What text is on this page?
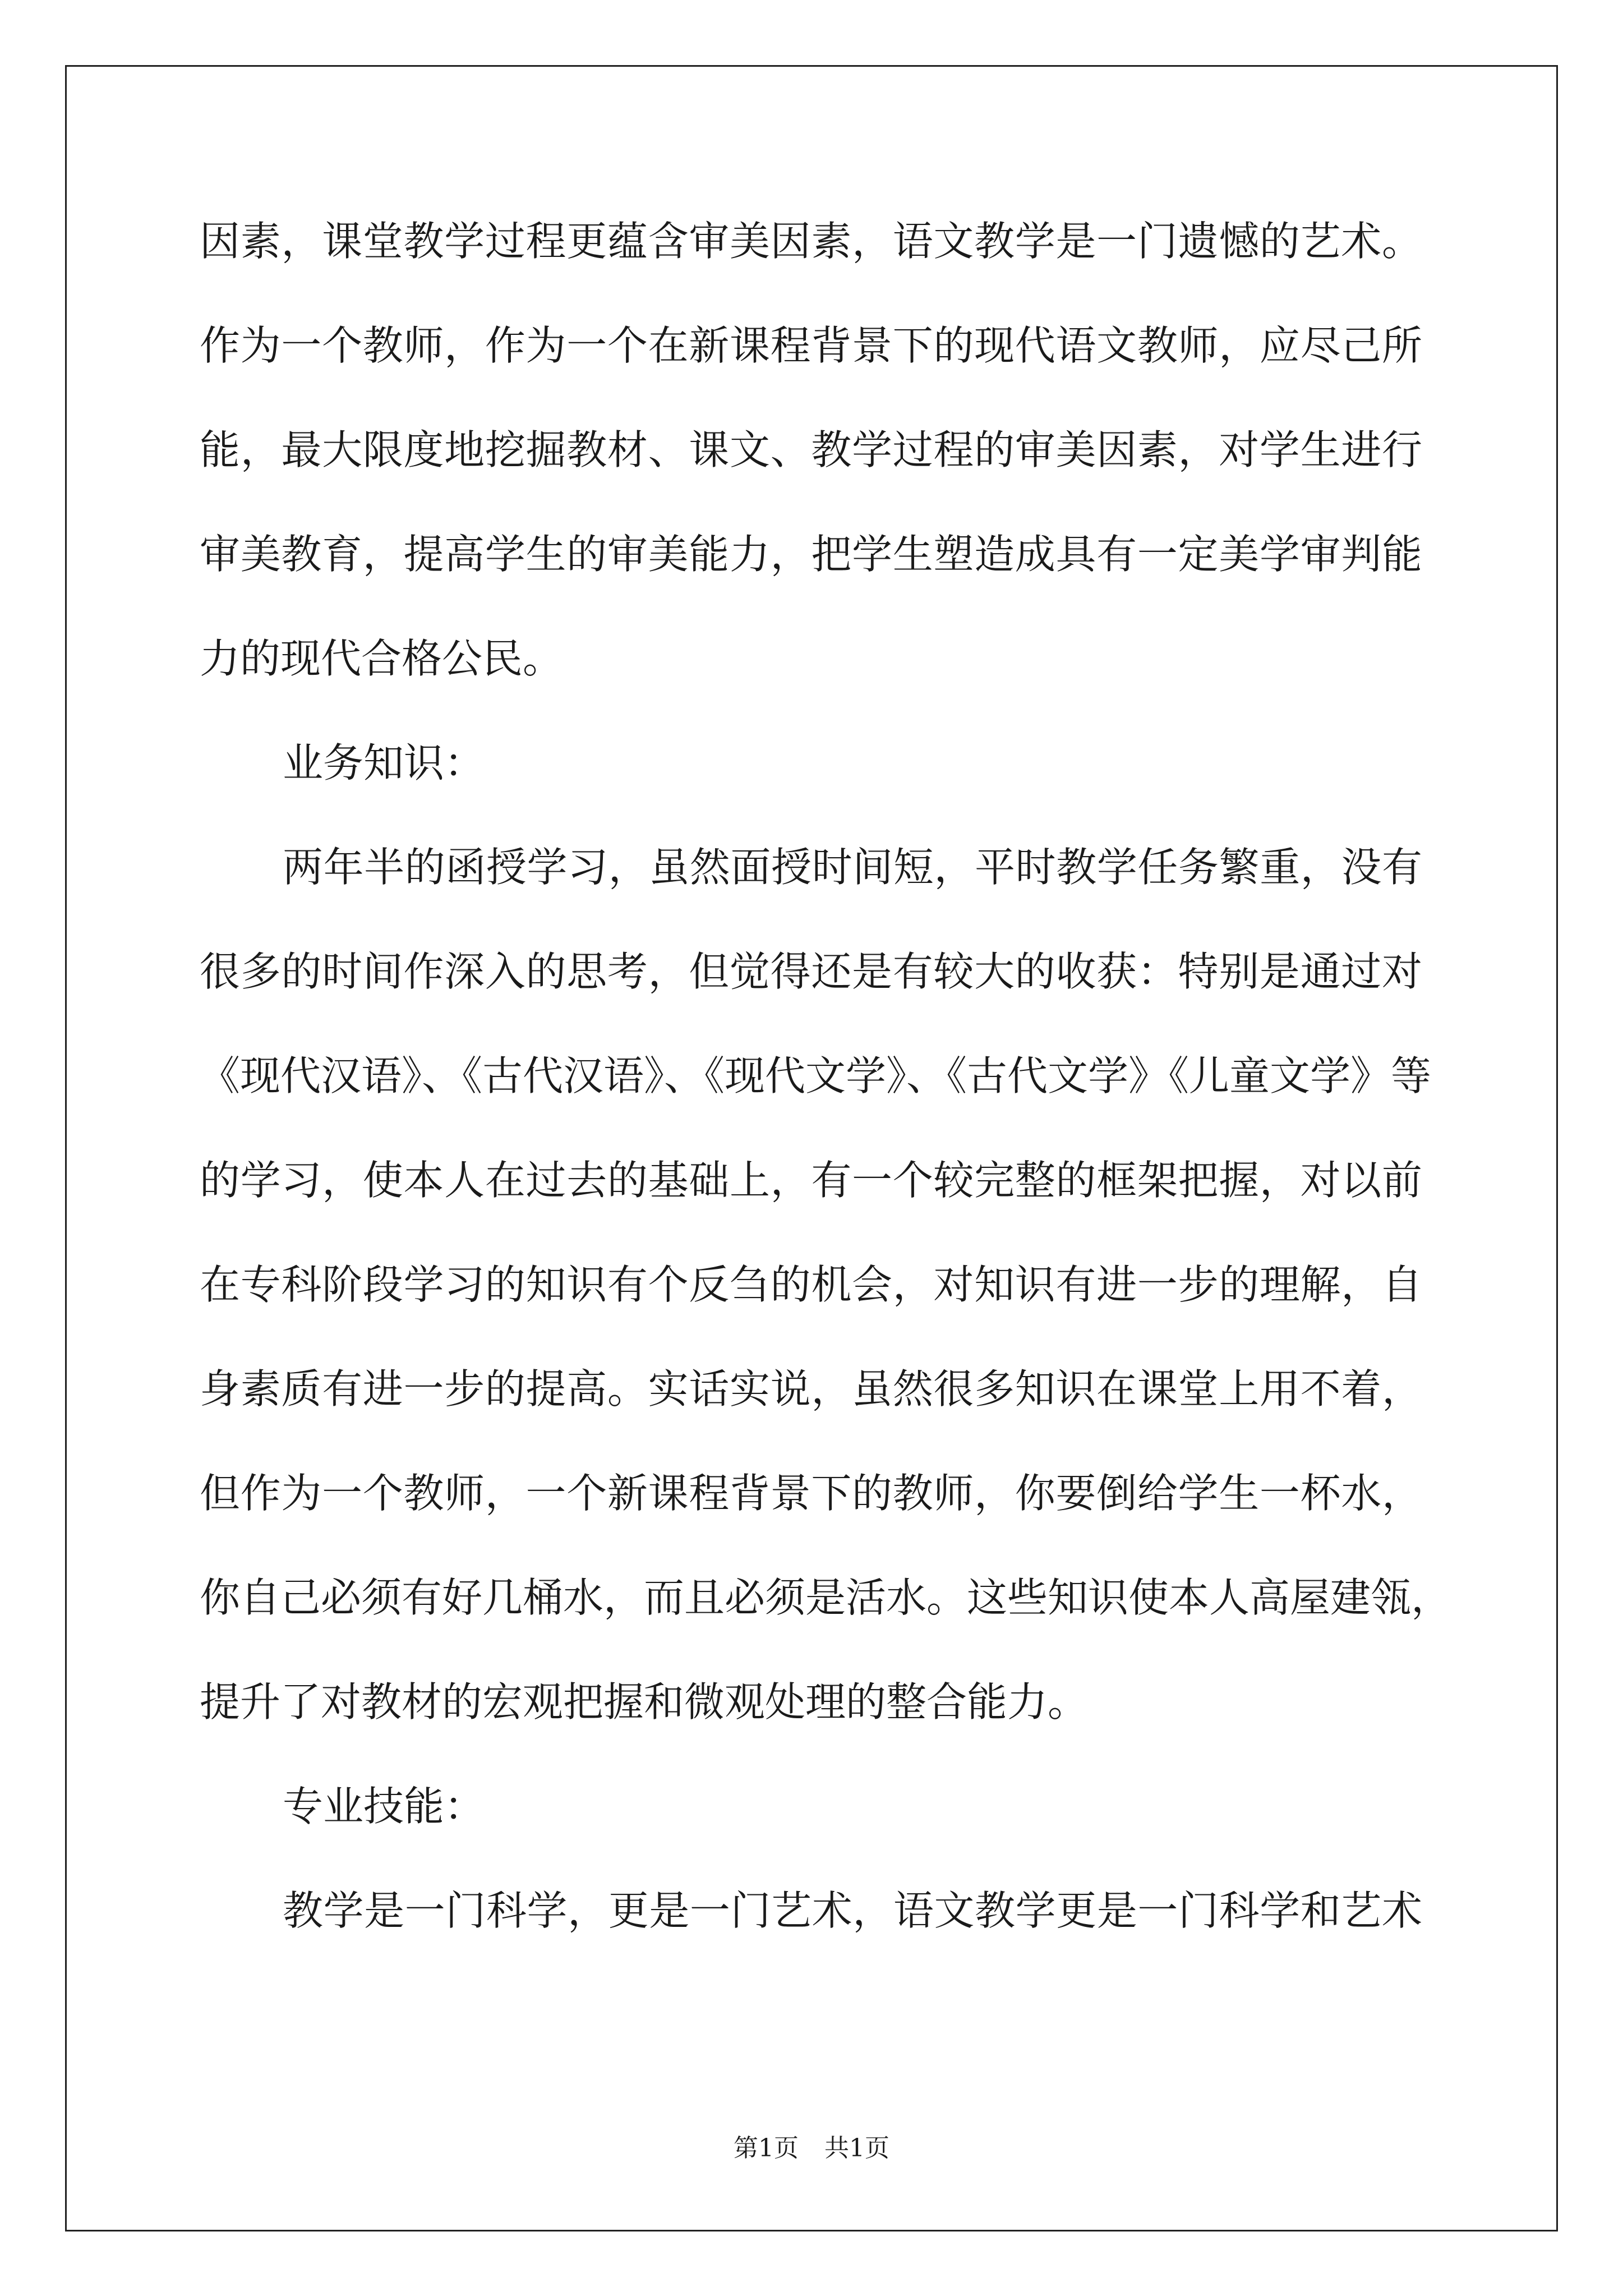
因素，课堂教学过程更蕴含审美因素，语文教学是一门遗憾的艺术。
作为一个教师，作为一个在新课程背景下的现代语文教师，应尽己所
能，最大限度地挖掘教材、课文、教学过程的审美因素，对学生进行
审美教育，提高学生的审美能力，把学生塑造成具有一定美学审判能
力的现代合格公民。
业务知识：
两年半的函授学习，虽然面授时间短，平时教学任务繁重，没有
很多的时间作深入的思考，但觉得还是有较大的收获：特别是通过对
《现代汉语》、《古代汉语》、《现代文学》、《古代文学》《儿童文学》等
的学习，使本人在过去的基础上，有一个较完整的框架把握，对以前
在专科阶段学习的知识有个反刍的机会，对知识有进一步的理解，自
身素质有进一步的提高。实话实说，虽然很多知识在课堂上用不着，
但作为一个教师，一个新课程背景下的教师，你要倒给学生一杯水，
你自己必须有好几桶水，而且必须是活水。这些知识使本人高屋建瓴，
提升了对教材的宏观把握和微观处理的整合能力。
专业技能：
教学是一门科学，更是一门艺术，语文教学更是一门科学和艺术
第1页 共1页
